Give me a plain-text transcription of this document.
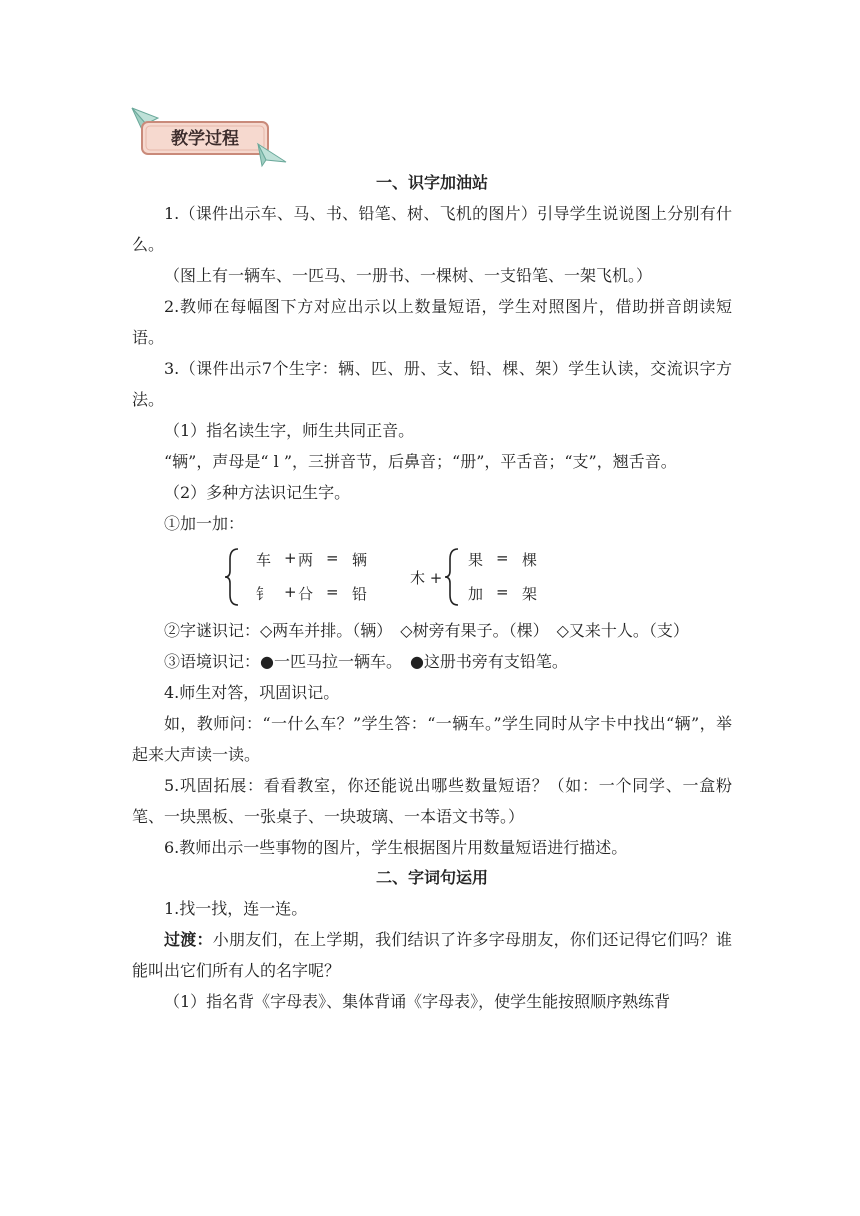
教学过程
一、识字加油站

1.（课件出示车、马、书、铅笔、树、飞机的图片）引导学生说说图上分别有什么。

（图上有一辆车、一匹马、一册书、一棵树、一支铅笔、一架飞机。）

2.教师在每幅图下方对应出示以上数量短语，学生对照图片，借助拼音朗读短语。

3.（课件出示7个生字：辆、匹、册、支、铅、棵、架）学生认读，交流识字方法。

（1）指名读生字，师生共同正音。

“辆”，声母是“ l ”，三拼音节，后鼻音；“册”，平舌音；“支”，翘舌音。

（2）多种方法识记生字。

①加一加：

车 + 两 = 辆
钅 + 㕣 = 铅
木 +
果 = 棵
加 = 架

②字谜识记：◇两车并排。（辆）　◇树旁有果子。（棵）　◇又来十人。（支）

③语境识记：●一匹马拉一辆车。　●这册书旁有支铅笔。

4.师生对答，巩固识记。

如，教师问：“一什么车？”学生答：“一辆车。”学生同时从字卡中找出“辆”，举起来大声读一读。

5.巩固拓展：看看教室，你还能说出哪些数量短语？（如：一个同学、一盒粉笔、一块黑板、一张桌子、一块玻璃、一本语文书等。）

6.教师出示一些事物的图片，学生根据图片用数量短语进行描述。

二、字词句运用

1.找一找，连一连。

过渡：小朋友们，在上学期，我们结识了许多字母朋友，你们还记得它们吗？谁能叫出它们所有人的名字呢？

（1）指名背《字母表》、集体背诵《字母表》，使学生能按照顺序熟练背
